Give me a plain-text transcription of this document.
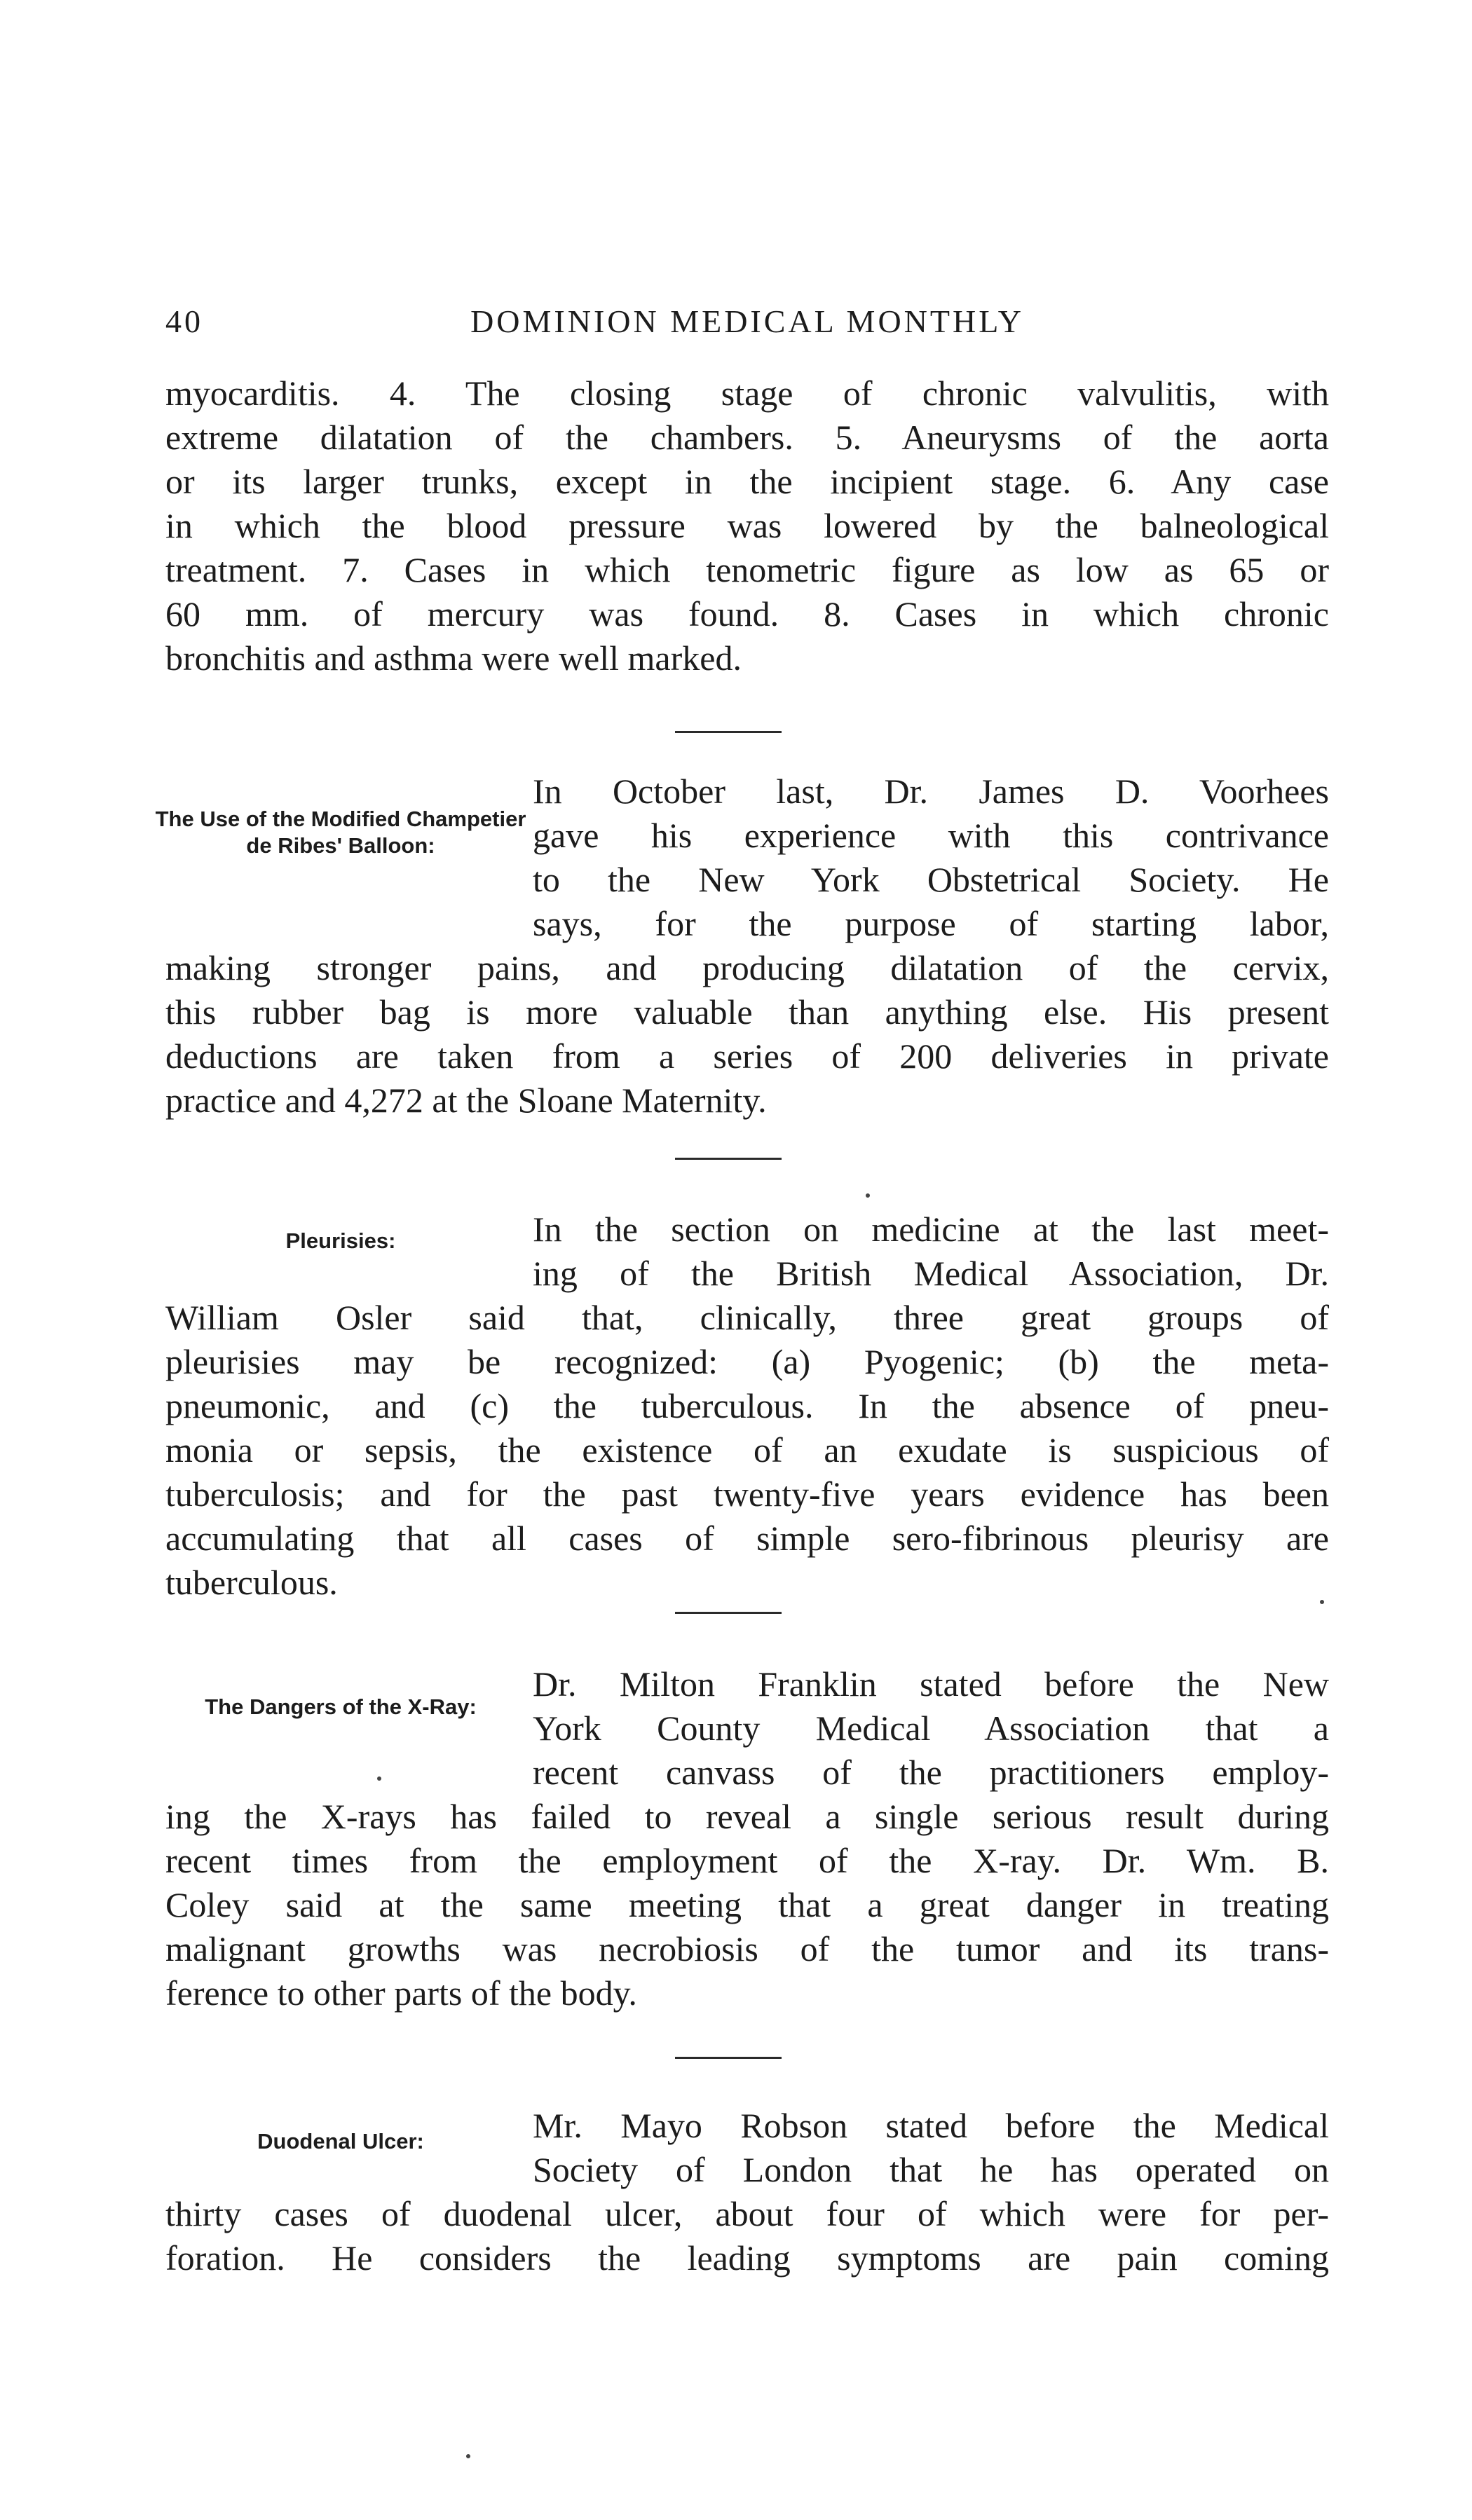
40	DOMINION MEDICAL MONTHLY

myocarditis. 4. The closing stage of chronic valvulitis, with

extreme dilatation of the chambers. 5. Aneurysms of the aorta

or its larger trunks, except in the incipient stage. 6. Any case

in which the blood pressure was lowered by the balneological

treatment. 7. Cases in which tenometric figure as low as 65 or

60 mm. of mercury was found. 8. Cases in which chronic

bronchitis and asthma were well marked.

The Use of the Modified Champetier de Ribes' Balloon:

In October last, Dr. James D. Voorhees

gave his experience with this contrivance

to the New York Obstetrical Society. He

says, for the purpose of starting labor,

making stronger pains, and producing dilatation of the cervix,

this rubber bag is more valuable than anything else. His present

deductions are taken from a series of 200 deliveries in private

practice and 4,272 at the Sloane Maternity.

Pleurisies:	In the section on medicine at the last meet-

ing of the British Medical Association, Dr.

William Osler said that, clinically, three great groups of

pleurisies may be recognized: (a) Pyogenic; (b) the meta-

pneumonic, and (c) the tuberculous. In the absence of pneu-

monia or sepsis, the existence of an exudate is suspicious of

tuberculosis; and for the past twenty-five years evidence has been

accumulating that all cases of simple sero-fibrinous pleurisy are

tuberculous.

The Dangers of the X-Ray:

Dr. Milton Franklin stated before the New

York County Medical Association that a

recent canvass of the practitioners employ-

ing the X-rays has failed to reveal a single serious result during

recent times from the employment of the X-ray. Dr. Wm. B.

Coley said at the same meeting that a great danger in treating

malignant growths was necrobiosis of the tumor and its trans-

ference to other parts of the body.

Duodenal Ulcer:	Mr. Mayo Robson stated before the Medical

Society of London that he has operated on

thirty cases of duodenal ulcer, about four of which were for per-

foration. He considers the leading symptoms are pain coming
